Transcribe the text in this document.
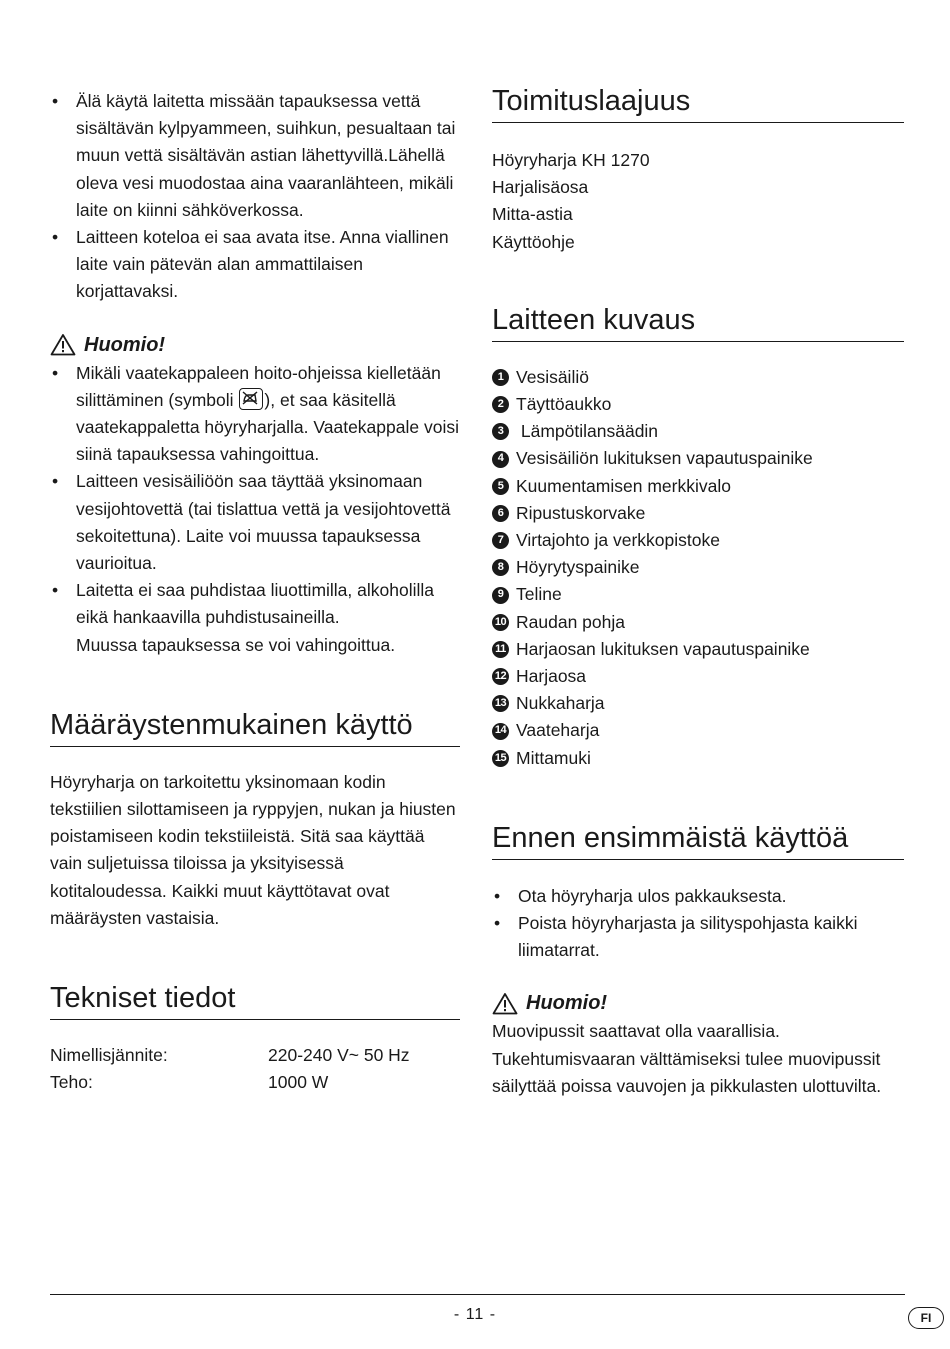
•	Älä käytä laitetta missään tapauksessa vettä sisältävän kylpyammeen, suihkun, pesualtaan tai muun vettä sisältävän astian lähettyvillä.Lähellä oleva vesi muodostaa aina vaaranlähteen, mikäli laite on kiinni sähköverkossa.
•	Laitteen koteloa ei saa avata itse. Anna viallinen laite vain pätevän alan ammattilaisen korjattavaksi.
Huomio!
•	Mikäli vaatekappaleen hoito-ohjeissa kielletään silittäminen (symboli ), et saa käsitellä vaatekappaletta höyryharjalla. Vaatekappale voisi siinä tapauksessa vahingoittua.
•	Laitteen vesisäiliöön saa täyttää yksinomaan vesijohtovettä (tai tislattua vettä ja vesijohtovettä sekoitettuna). Laite voi muussa tapauksessa vaurioitua.
•	Laitetta ei saa puhdistaa liuottimilla, alkoholilla eikä hankaavilla puhdistusaineilla.
Muussa tapauksessa se voi vahingoittua.
Määräystenmukainen käyttö

Höyryharja on tarkoitettu yksinomaan kodin tekstiilien silottamiseen ja ryppyjen, nukan ja hiusten poistamiseen kodin tekstiileistä. Sitä saa käyttää vain suljetuissa tiloissa ja yksityisessä kotitaloudessa. Kaikki muut käyttötavat ovat määräysten vastaisia.

Tekniset tiedot
Nimellisjännite:	220-240 V~ 50 Hz
Teho:	1000 W
Toimituslaajuus
Höyryharja KH 1270
Harjalisäosa
Mitta-astia
Käyttöohje
Laitteen kuvaus
1 Vesisäiliö
2 Täyttöaukko
3 Lämpötilansäädin
4 Vesisäiliön lukituksen vapautuspainike
5 Kuumentamisen merkkivalo
6 Ripustuskorvake
7 Virtajohto ja verkkopistoke
8 Höyrytyspainike
9 Teline
10 Raudan pohja
11 Harjaosan lukituksen vapautuspainike
12 Harjaosa
13 Nukkaharja
14 Vaateharja
15 Mittamuki
Ennen ensimmäistä käyttöä
•	Ota höyryharja ulos pakkauksesta.
•	Poista höyryharjasta ja silityspohjasta kaikki liimatarrat.
Huomio!

Muovipussit saattavat olla vaarallisia. Tukehtumisvaaran välttämiseksi tulee muovipussit säilyttää poissa vauvojen ja pikkulasten ulottuvilta.

- 11 -	FI
